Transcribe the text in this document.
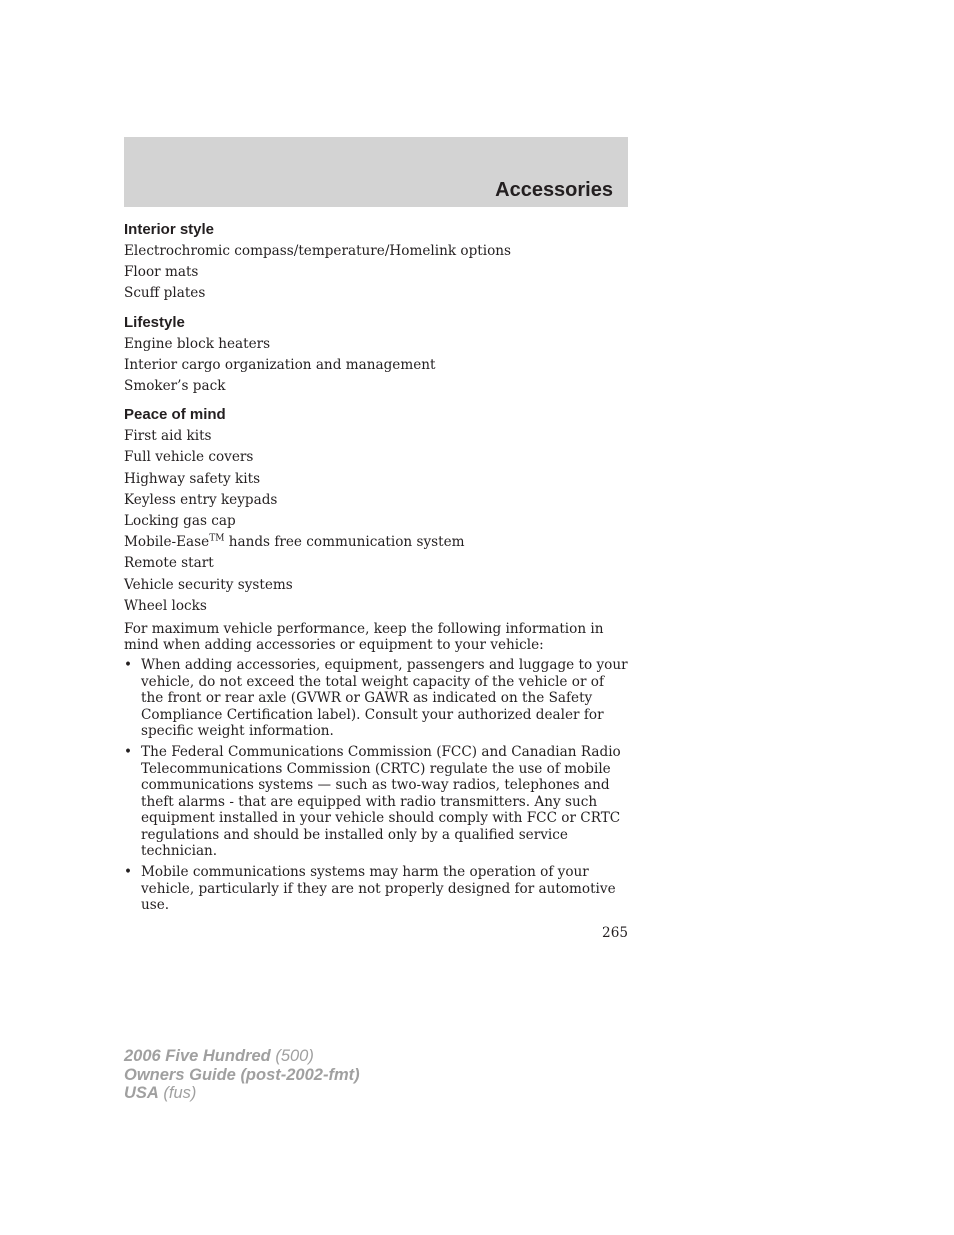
Accessories
Interior style
Electrochromic compass/temperature/Homelink options
Floor mats
Scuff plates
Lifestyle
Engine block heaters
Interior cargo organization and management
Smoker’s pack
Peace of mind
First aid kits
Full vehicle covers
Highway safety kits
Keyless entry keypads
Locking gas cap
Mobile-Ease™ hands free communication system
Remote start
Vehicle security systems
Wheel locks

For maximum vehicle performance, keep the following information in mind when adding accessories or equipment to your vehicle:

• When adding accessories, equipment, passengers and luggage to your vehicle, do not exceed the total weight capacity of the vehicle or of the front or rear axle (GVWR or GAWR as indicated on the Safety Compliance Certification label). Consult your authorized dealer for specific weight information.
• The Federal Communications Commission (FCC) and Canadian Radio Telecommunications Commission (CRTC) regulate the use of mobile communications systems — such as two-way radios, telephones and theft alarms - that are equipped with radio transmitters. Any such equipment installed in your vehicle should comply with FCC or CRTC regulations and should be installed only by a qualified service technician.
• Mobile communications systems may harm the operation of your vehicle, particularly if they are not properly designed for automotive use.
265
2006 Five Hundred (500)
Owners Guide (post-2002-fmt)
USA (fus)
